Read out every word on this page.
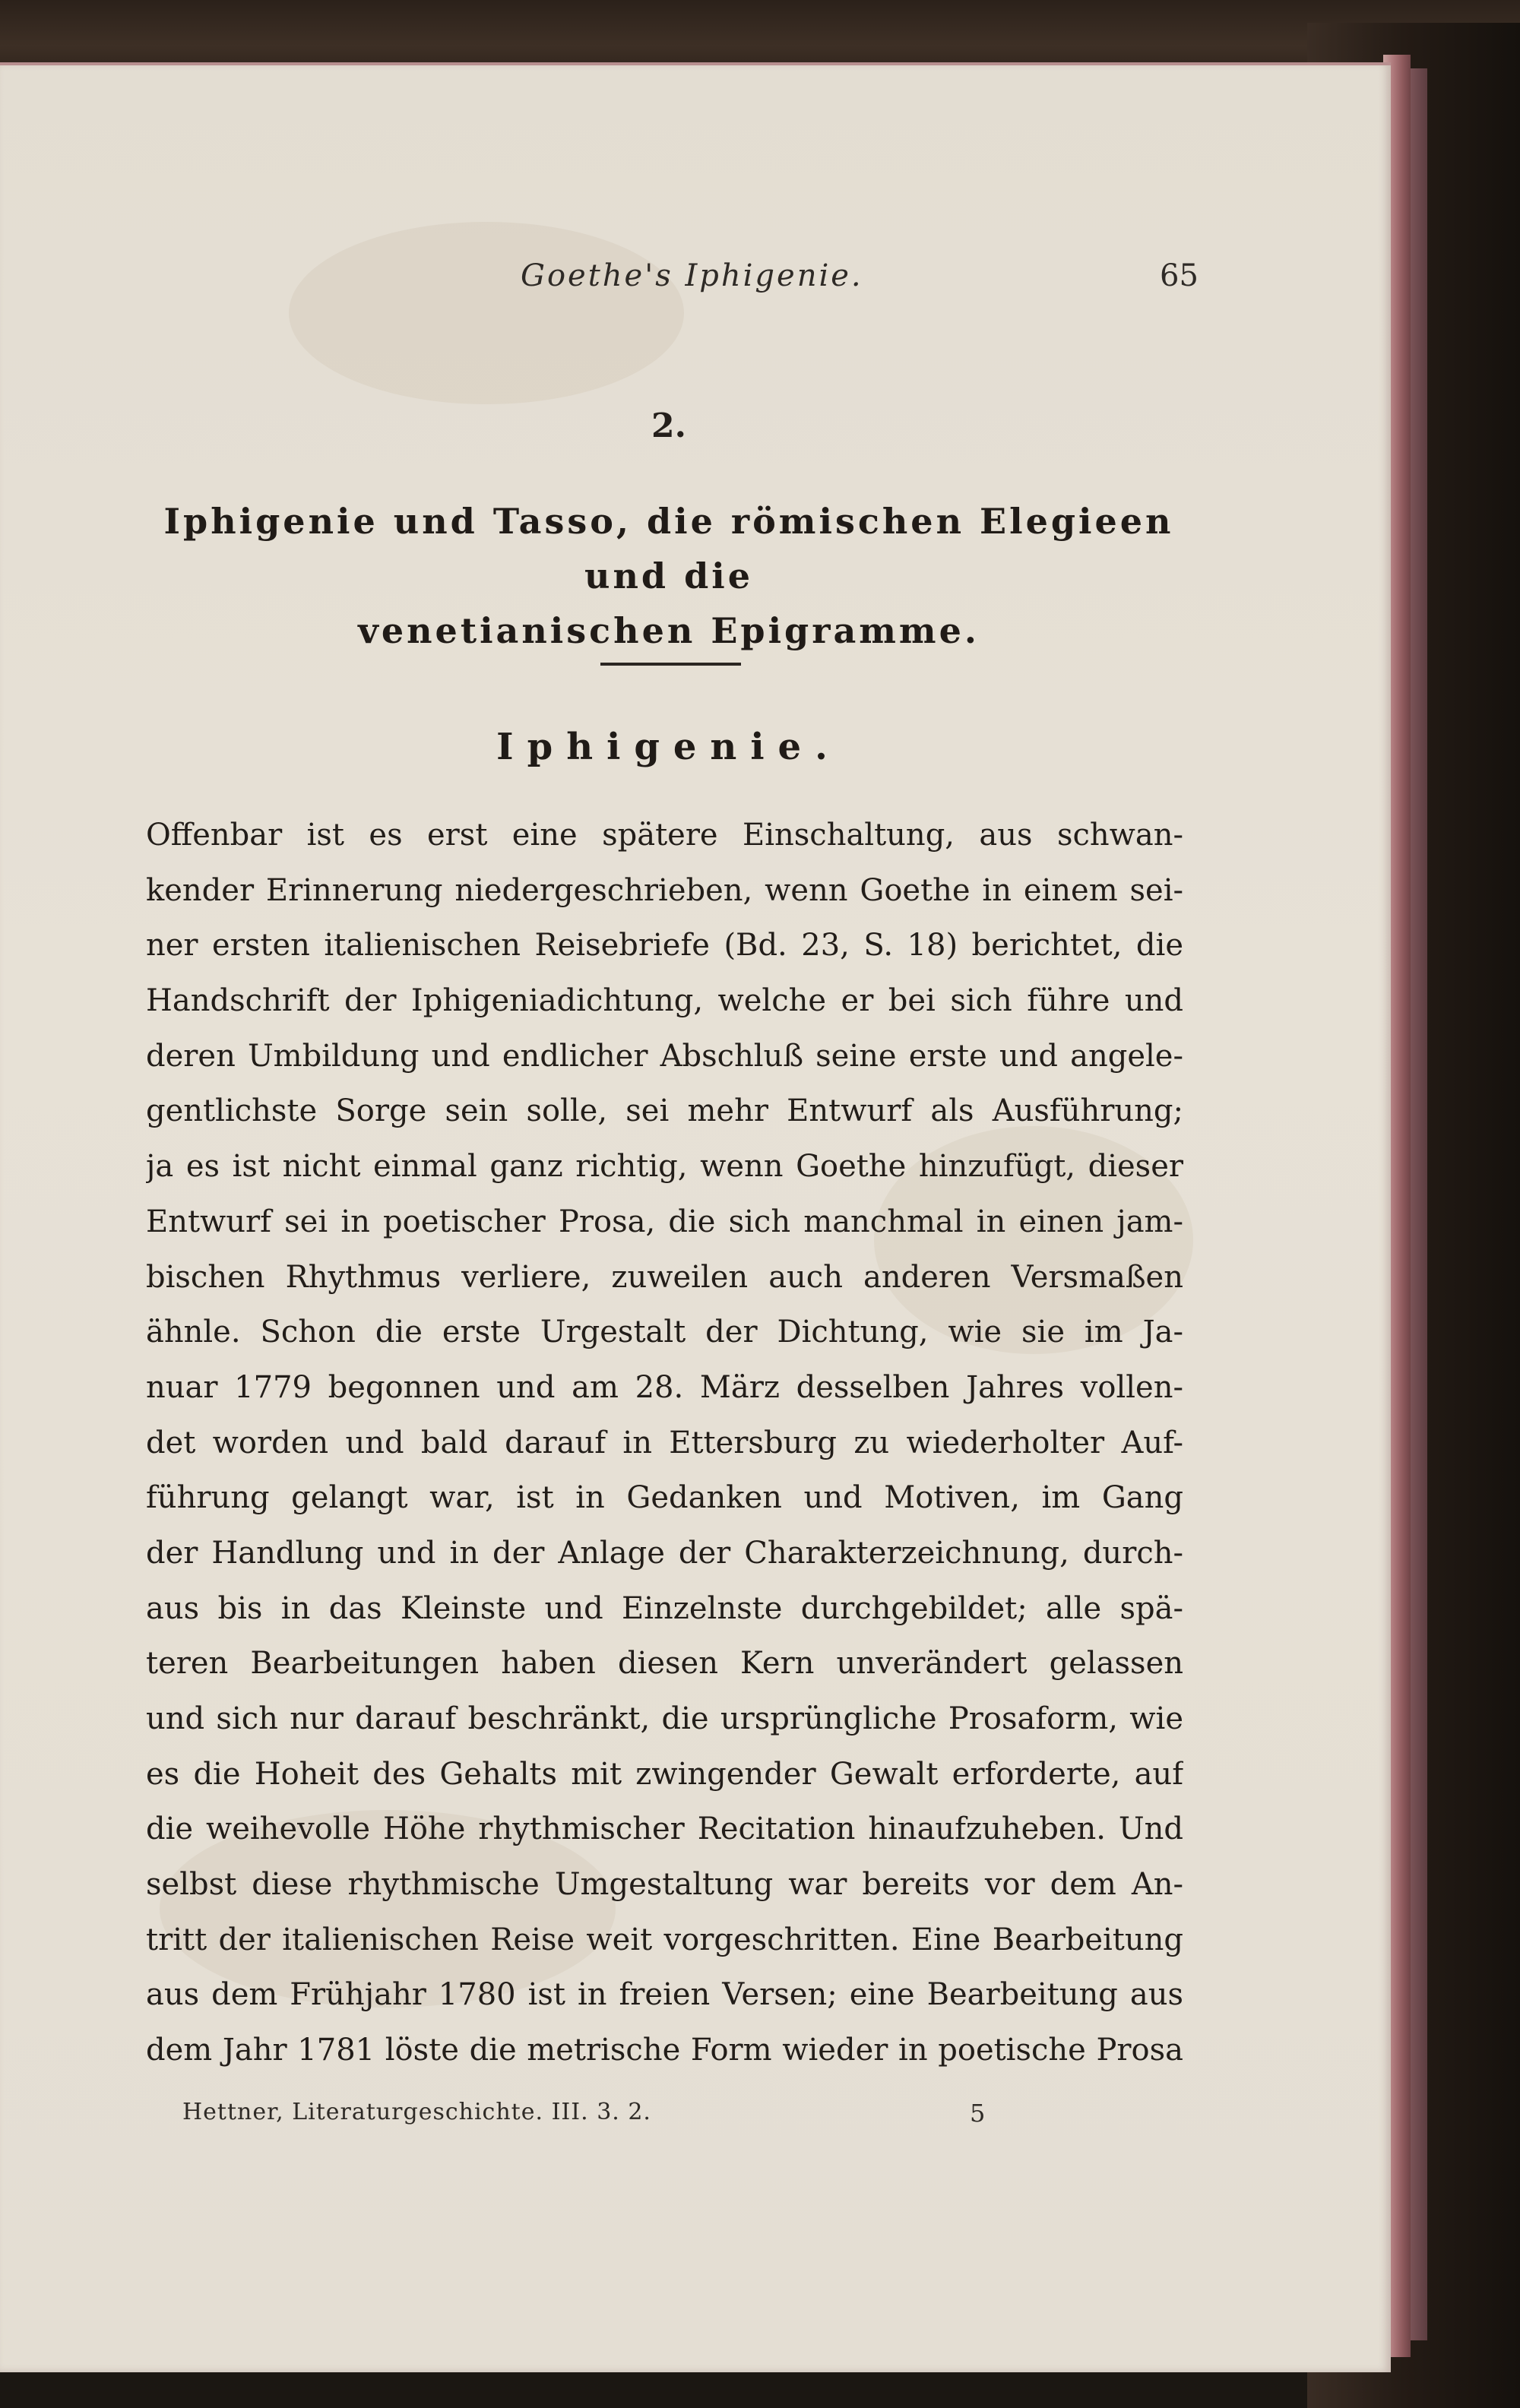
Goethe's Iphigenie.	65
2.
Iphigenie und Tasso, die römischen Elegieen und die
venetianischen Epigramme.
Iphigenie.
Offenbar ist es erst eine spätere Einschaltung, aus schwan-
kender Erinnerung niedergeschrieben, wenn Goethe in einem sei-
ner ersten italienischen Reisebriefe (Bd. 23, S. 18) berichtet, die
Handschrift der Iphigeniadichtung, welche er bei sich führe und
deren Umbildung und endlicher Abschluß seine erste und angele-
gentlichste Sorge sein solle, sei mehr Entwurf als Ausführung;
ja es ist nicht einmal ganz richtig, wenn Goethe hinzufügt, dieser
Entwurf sei in poetischer Prosa, die sich manchmal in einen jam-
bischen Rhythmus verliere, zuweilen auch anderen Versmaßen
ähnle. Schon die erste Urgestalt der Dichtung, wie sie im Ja-
nuar 1779 begonnen und am 28. März desselben Jahres vollen-
det worden und bald darauf in Ettersburg zu wiederholter Auf-
führung gelangt war, ist in Gedanken und Motiven, im Gang
der Handlung und in der Anlage der Charakterzeichnung, durch-
aus bis in das Kleinste und Einzelnste durchgebildet; alle spä-
teren Bearbeitungen haben diesen Kern unverändert gelassen
und sich nur darauf beschränkt, die ursprüngliche Prosaform, wie
es die Hoheit des Gehalts mit zwingender Gewalt erforderte, auf
die weihevolle Höhe rhythmischer Recitation hinaufzuheben. Und
selbst diese rhythmische Umgestaltung war bereits vor dem An-
tritt der italienischen Reise weit vorgeschritten. Eine Bearbeitung
aus dem Frühjahr 1780 ist in freien Versen; eine Bearbeitung aus
dem Jahr 1781 löste die metrische Form wieder in poetische Prosa
Hettner, Literaturgeschichte. III. 3. 2.	5
